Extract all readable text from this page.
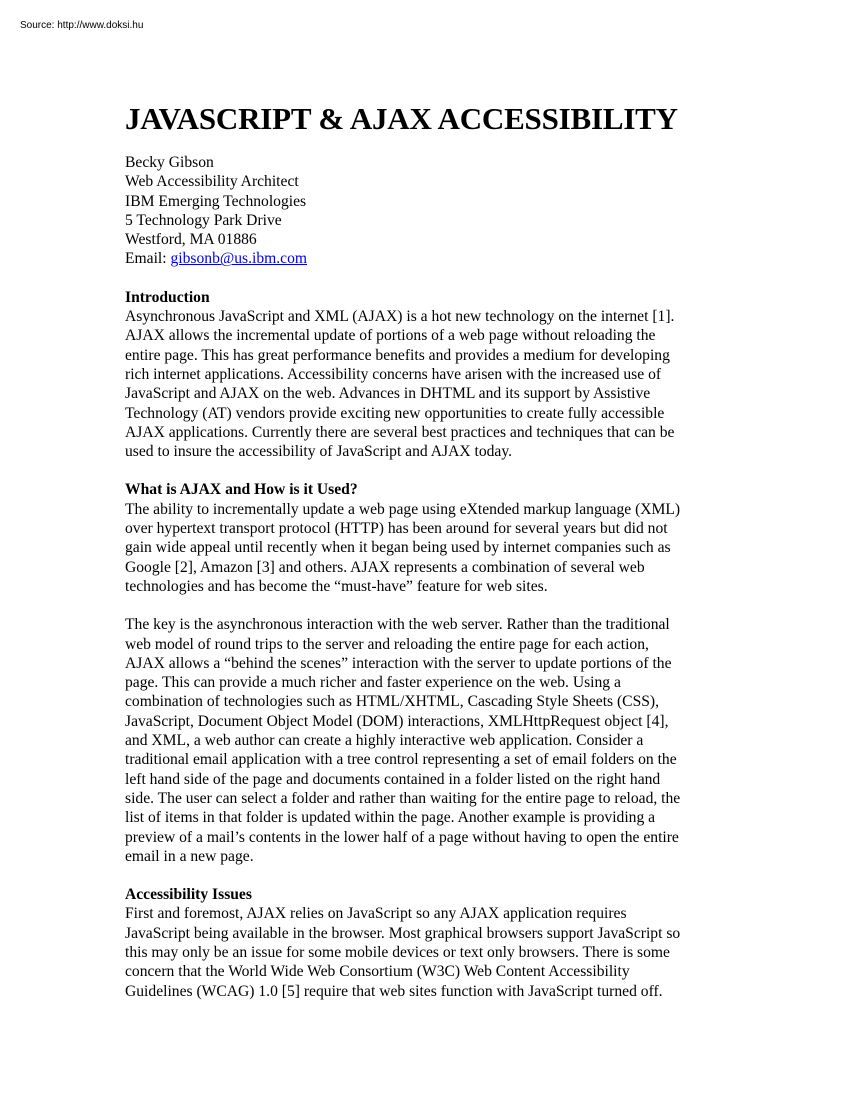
Source: http://www.doksi.hu
JAVASCRIPT & AJAX ACCESSIBILITY
Becky Gibson
Web Accessibility Architect
IBM Emerging Technologies
5 Technology Park Drive
Westford, MA 01886
Email: gibsonb@us.ibm.com
Introduction

Asynchronous JavaScript and XML (AJAX) is a hot new technology on the internet [1].
AJAX allows the incremental update of portions of a web page without reloading the
entire page. This has great performance benefits and provides a medium for developing
rich internet applications. Accessibility concerns have arisen with the increased use of
JavaScript and AJAX on the web. Advances in DHTML and its support by Assistive
Technology (AT) vendors provide exciting new opportunities to create fully accessible
AJAX applications. Currently there are several best practices and techniques that can be
used to insure the accessibility of JavaScript and AJAX today.

What is AJAX and How is it Used?

The ability to incrementally update a web page using eXtended markup language (XML)
over hypertext transport protocol (HTTP) has been around for several years but did not
gain wide appeal until recently when it began being used by internet companies such as
Google [2], Amazon [3] and others. AJAX represents a combination of several web
technologies and has become the “must-have” feature for web sites.

The key is the asynchronous interaction with the web server. Rather than the traditional
web model of round trips to the server and reloading the entire page for each action,
AJAX allows a “behind the scenes” interaction with the server to update portions of the
page. This can provide a much richer and faster experience on the web. Using a
combination of technologies such as HTML/XHTML, Cascading Style Sheets (CSS),
JavaScript, Document Object Model (DOM) interactions, XMLHttpRequest object [4],
and XML, a web author can create a highly interactive web application. Consider a
traditional email application with a tree control representing a set of email folders on the
left hand side of the page and documents contained in a folder listed on the right hand
side. The user can select a folder and rather than waiting for the entire page to reload, the
list of items in that folder is updated within the page. Another example is providing a
preview of a mail’s contents in the lower half of a page without having to open the entire
email in a new page.

Accessibility Issues

First and foremost, AJAX relies on JavaScript so any AJAX application requires
JavaScript being available in the browser. Most graphical browsers support JavaScript so
this may only be an issue for some mobile devices or text only browsers. There is some
concern that the World Wide Web Consortium (W3C) Web Content Accessibility
Guidelines (WCAG) 1.0 [5] require that web sites function with JavaScript turned off.
